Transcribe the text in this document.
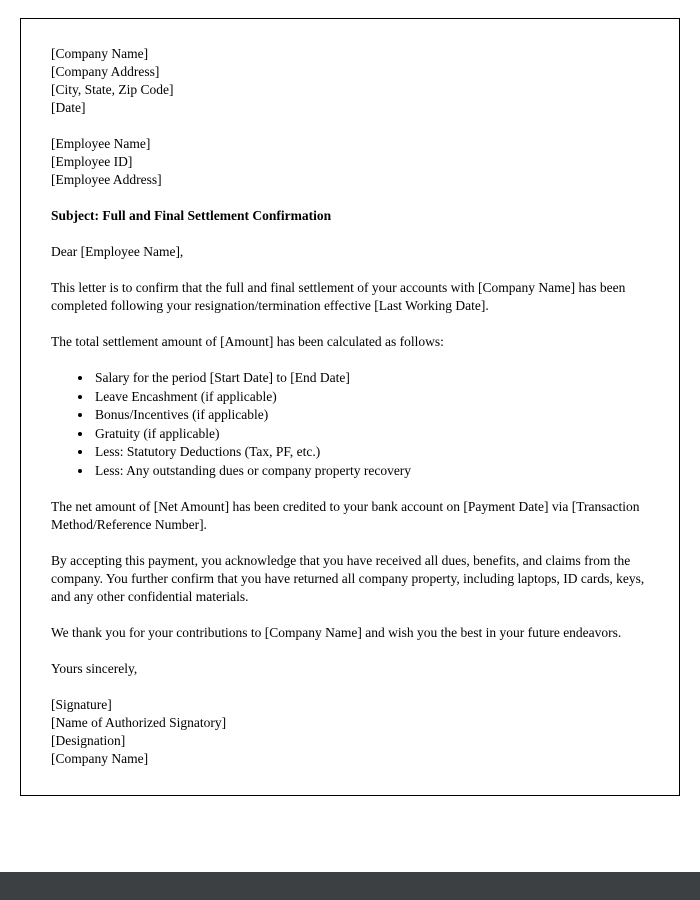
[Company Name]
[Company Address]
[City, State, Zip Code]
[Date]
[Employee Name]
[Employee ID]
[Employee Address]
Subject: Full and Final Settlement Confirmation
Dear [Employee Name],
This letter is to confirm that the full and final settlement of your accounts with [Company Name] has been completed following your resignation/termination effective [Last Working Date].
The total settlement amount of [Amount] has been calculated as follows:
• Salary for the period [Start Date] to [End Date]
• Leave Encashment (if applicable)
• Bonus/Incentives (if applicable)
• Gratuity (if applicable)
• Less: Statutory Deductions (Tax, PF, etc.)
• Less: Any outstanding dues or company property recovery
The net amount of [Net Amount] has been credited to your bank account on [Payment Date] via [Transaction Method/Reference Number].
By accepting this payment, you acknowledge that you have received all dues, benefits, and claims from the company. You further confirm that you have returned all company property, including laptops, ID cards, keys, and any other confidential materials.
We thank you for your contributions to [Company Name] and wish you the best in your future endeavors.
Yours sincerely,
[Signature]
[Name of Authorized Signatory]
[Designation]
[Company Name]
